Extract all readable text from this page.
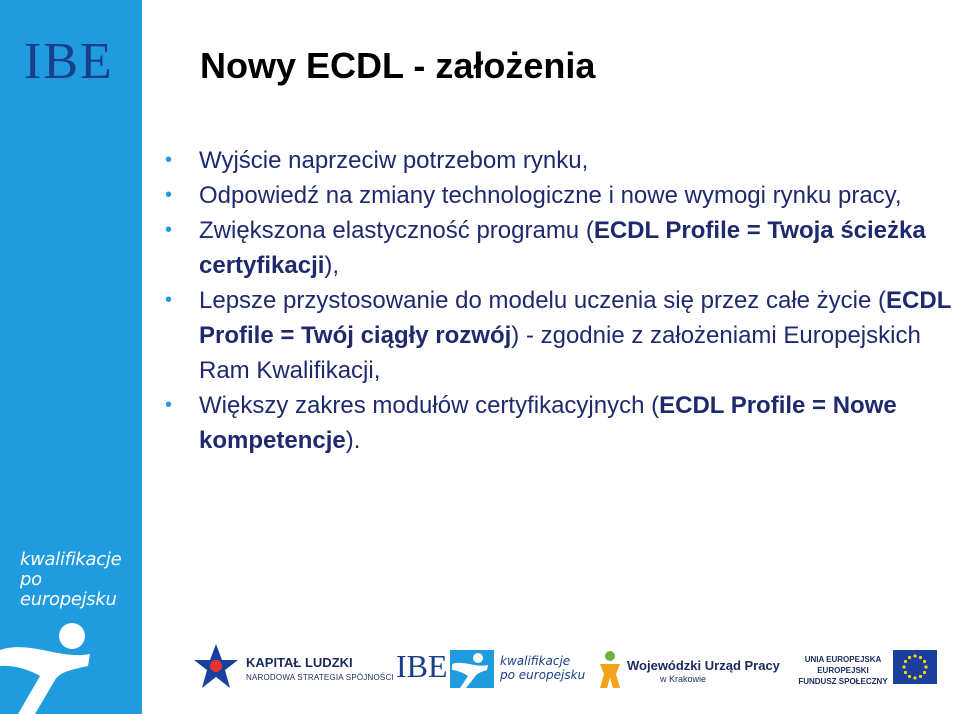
IBE
kwalifikacje
po europejsku
Nowy ECDL - założenia
• Wyjście naprzeciw potrzebom rynku,
• Odpowiedź na zmiany technologiczne i nowe wymogi rynku pracy,
• Zwiększona elastyczność programu (ECDL Profile = Twoja ścieżka certyfikacji),
• Lepsze przystosowanie do modelu uczenia się przez całe życie (ECDL Profile = Twój ciągły rozwój) - zgodnie z założeniami Europejskich Ram Kwalifikacji,
• Większy zakres modułów certyfikacyjnych (ECDL Profile = Nowe kompetencje).
KAPITAŁ LUDZKI
NARODOWA STRATEGIA SPÓJNOŚCI IBE	kwalifikacje
po europejsku
Wojewódzki Urząd Pracy
w Krakowie
UNIA EUROPEJSKA
EUROPEJSKI
FUNDUSZ SPOŁECZNY
